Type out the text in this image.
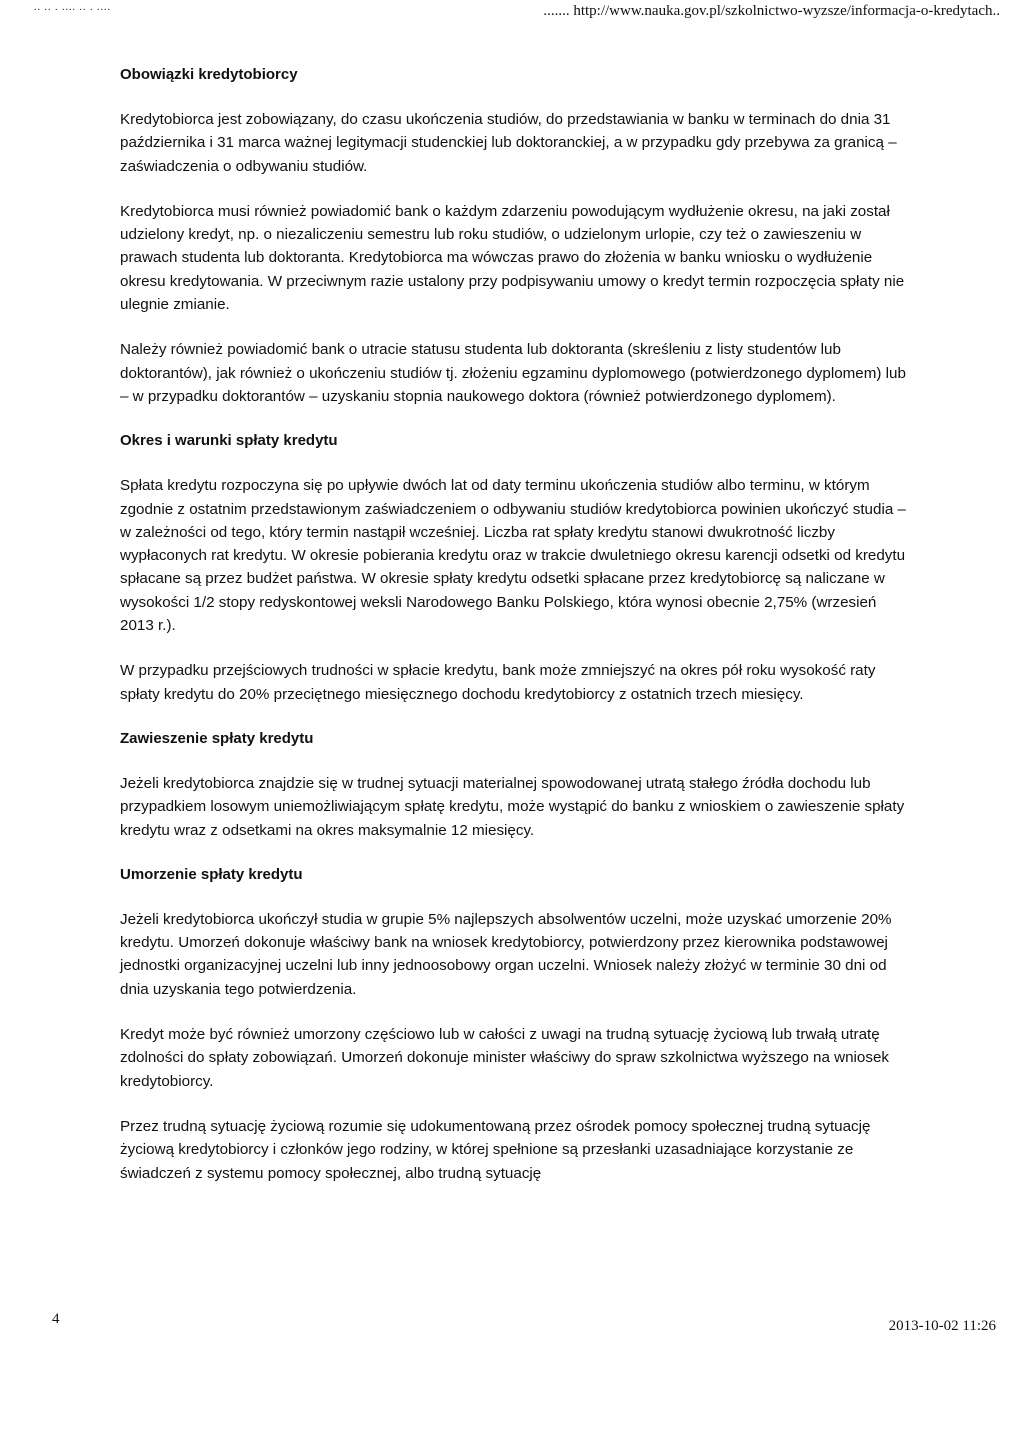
.. .. . .... .. . ....	....... http://www.nauka.gov.pl/szkolnictwo-wyzsze/informacja-o-kredytach..
Obowiązki kredytobiorcy

Kredytobiorca jest zobowiązany, do czasu ukończenia studiów, do przedstawiania w banku w terminach do dnia 31 października i 31 marca ważnej legitymacji studenckiej lub doktoranckiej, a w przypadku gdy przebywa za granicą – zaświadczenia o odbywaniu studiów.

Kredytobiorca musi również powiadomić bank o każdym zdarzeniu powodującym wydłużenie okresu, na jaki został udzielony kredyt, np. o niezaliczeniu semestru lub roku studiów, o udzielonym urlopie, czy też o zawieszeniu w prawach studenta lub doktoranta. Kredytobiorca ma wówczas prawo do złożenia w banku wniosku o wydłużenie okresu kredytowania. W przeciwnym razie ustalony przy podpisywaniu umowy o kredyt termin rozpoczęcia spłaty nie ulegnie zmianie.

Należy również powiadomić bank o utracie statusu studenta lub doktoranta (skreśleniu z listy studentów lub doktorantów), jak również o ukończeniu studiów tj. złożeniu egzaminu dyplomowego (potwierdzonego dyplomem) lub – w przypadku doktorantów – uzyskaniu stopnia naukowego doktora (również potwierdzonego dyplomem).

Okres i warunki spłaty kredytu

Spłata kredytu rozpoczyna się po upływie dwóch lat od daty terminu ukończenia studiów albo terminu, w którym zgodnie z ostatnim przedstawionym zaświadczeniem o odbywaniu studiów kredytobiorca powinien ukończyć studia – w zależności od tego, który termin nastąpił wcześniej. Liczba rat spłaty kredytu stanowi dwukrotność liczby wypłaconych rat kredytu. W okresie pobierania kredytu oraz w trakcie dwuletniego okresu karencji odsetki od kredytu spłacane są przez budżet państwa. W okresie spłaty kredytu odsetki spłacane przez kredytobiorcę są naliczane w wysokości 1/2 stopy redyskontowej weksli Narodowego Banku Polskiego, która wynosi obecnie 2,75% (wrzesień 2013 r.).

W przypadku przejściowych trudności w spłacie kredytu, bank może zmniejszyć na okres pół roku wysokość raty spłaty kredytu do 20% przeciętnego miesięcznego dochodu kredytobiorcy z ostatnich trzech miesięcy.

Zawieszenie spłaty kredytu

Jeżeli kredytobiorca znajdzie się w trudnej sytuacji materialnej spowodowanej utratą stałego źródła dochodu lub przypadkiem losowym uniemożliwiającym spłatę kredytu, może wystąpić do banku z wnioskiem o zawieszenie spłaty kredytu wraz z odsetkami na okres maksymalnie 12 miesięcy.

Umorzenie spłaty kredytu

Jeżeli kredytobiorca ukończył studia w grupie 5% najlepszych absolwentów uczelni, może uzyskać umorzenie 20% kredytu. Umorzeń dokonuje właściwy bank na wniosek kredytobiorcy, potwierdzony przez kierownika podstawowej jednostki organizacyjnej uczelni lub inny jednoosobowy organ uczelni. Wniosek należy złożyć w terminie 30 dni od dnia uzyskania tego potwierdzenia.

Kredyt może być również umorzony częściowo lub w całości z uwagi na trudną sytuację życiową lub trwałą utratę zdolności do spłaty zobowiązań. Umorzeń dokonuje minister właściwy do spraw szkolnictwa wyższego na wniosek kredytobiorcy.

Przez trudną sytuację życiową rozumie się udokumentowaną przez ośrodek pomocy społecznej trudną sytuację życiową kredytobiorcy i członków jego rodziny, w której spełnione są przesłanki uzasadniające korzystanie ze świadczeń z systemu pomocy społecznej, albo trudną sytuację

4	2013-10-02 11:26
